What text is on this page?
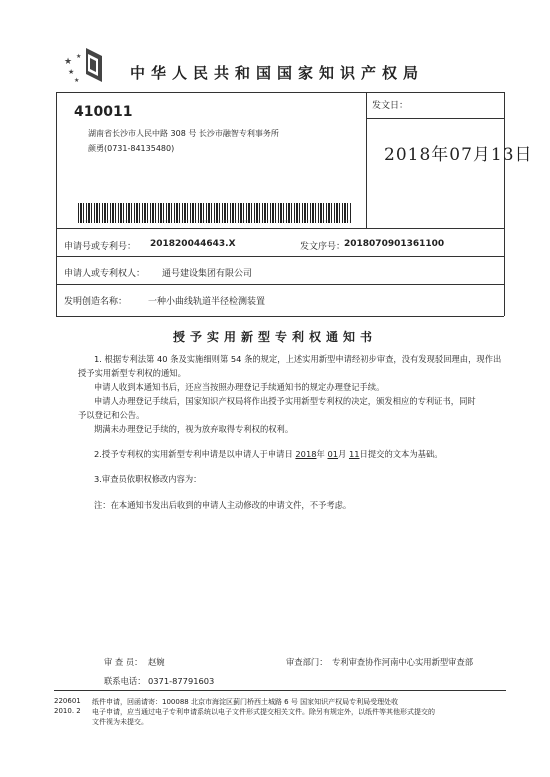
★
★
★
★
中华人民共和国国家知识产权局
410011
湖南省长沙市人民中路 308 号 长沙市融智专利事务所
颜勇(0731-84135480)
发文日：
2018年07月13日
申请号或专利号： 201820044643.X	发文序号：
2018070901361100
申请人或专利权人： 通号建设集团有限公司
发明创造名称： 一种小曲线轨道半径检测装置
授予实用新型专利权通知书
1. 根据专利法第 40 条及实施细则第 54 条的规定，上述实用新型申请经初步审查，没有发现驳回理由，现作出
授予实用新型专利权的通知。
申请人收到本通知书后，还应当按照办理登记手续通知书的规定办理登记手续。
申请人办理登记手续后，国家知识产权局将作出授予实用新型专利权的决定，颁发相应的专利证书，同时
予以登记和公告。
期满未办理登记手续的，视为放弃取得专利权的权利。
2.授予专利权的实用新型专利申请是以申请人于申请日 2018年 01月 11日提交的文本为基础。
3.审查员依职权修改内容为：
注：在本通知书发出后收到的申请人主动修改的申请文件，不予考虑。
审 查 员： 赵婉	审查部门： 专利审查协作河南中心实用新型审查部
联系电话： 0371-87791603
220601
2010. 2
纸件申请，回函请寄：100088 北京市海淀区蓟门桥西土城路 6 号 国家知识产权局专利局受理处收
电子申请，应当通过电子专利申请系统以电子文件形式提交相关文件。除另有规定外，以纸件等其他形式提交的
文件视为未提交。
